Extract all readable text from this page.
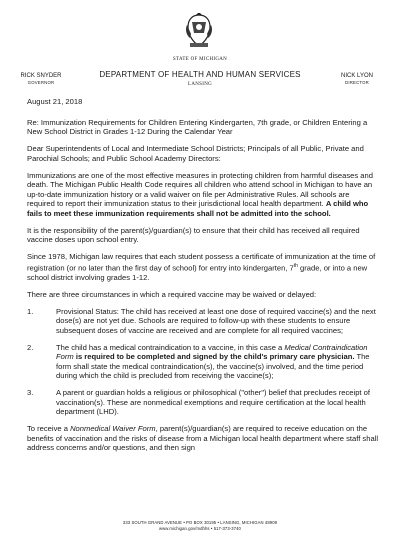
STATE OF MICHIGAN
RICK SNYDER
GOVERNOR
DEPARTMENT OF HEALTH AND HUMAN SERVICES
LANSING
NICK LYON
DIRECTOR

August 21, 2018

Re: Immunization Requirements for Children Entering Kindergarten, 7th grade, or Children Entering a New School District in Grades 1-12 During the Calendar Year

Dear Superintendents of Local and Intermediate School Districts; Principals of all Public, Private and Parochial Schools; and Public School Academy Directors:

Immunizations are one of the most effective measures in protecting children from harmful diseases and death. The Michigan Public Health Code requires all children who attend school in Michigan to have an up-to-date immunization history or a valid waiver on file per Administrative Rules. All schools are required to report their immunization status to their jurisdictional local health department. A child who fails to meet these immunization requirements shall not be admitted into the school.

It is the responsibility of the parent(s)/guardian(s) to ensure that their child has received all required vaccine doses upon school entry.

Since 1978, Michigan law requires that each student possess a certificate of immunization at the time of registration (or no later than the first day of school) for entry into kindergarten, 7th grade, or into a new school district involving grades 1-12.

There are three circumstances in which a required vaccine may be waived or delayed:

1.	Provisional Status: The child has received at least one dose of required vaccine(s) and the next dose(s) are not yet due. Schools are required to follow-up with these students to ensure subsequent doses of vaccine are received and are complete for all required vaccines;
2.	The child has a medical contraindication to a vaccine, in this case a Medical Contraindication Form is required to be completed and signed by the child's primary care physician. The form shall state the medical contraindication(s), the vaccine(s) involved, and the time period during which the child is precluded from receiving the vaccine(s);
3.	A parent or guardian holds a religious or philosophical ("other") belief that precludes receipt of vaccination(s). These are nonmedical exemptions and require certification at the local health department (LHD).

To receive a Nonmedical Waiver Form, parent(s)/guardian(s) are required to receive education on the benefits of vaccination and the risks of disease from a Michigan local health department where staff shall address concerns and/or questions, and then sign

333 SOUTH GRAND AVENUE • PO BOX 30195 • LANSING, MICHIGAN 48909
www.michigan.gov/mdhhs • 517-373-3740
